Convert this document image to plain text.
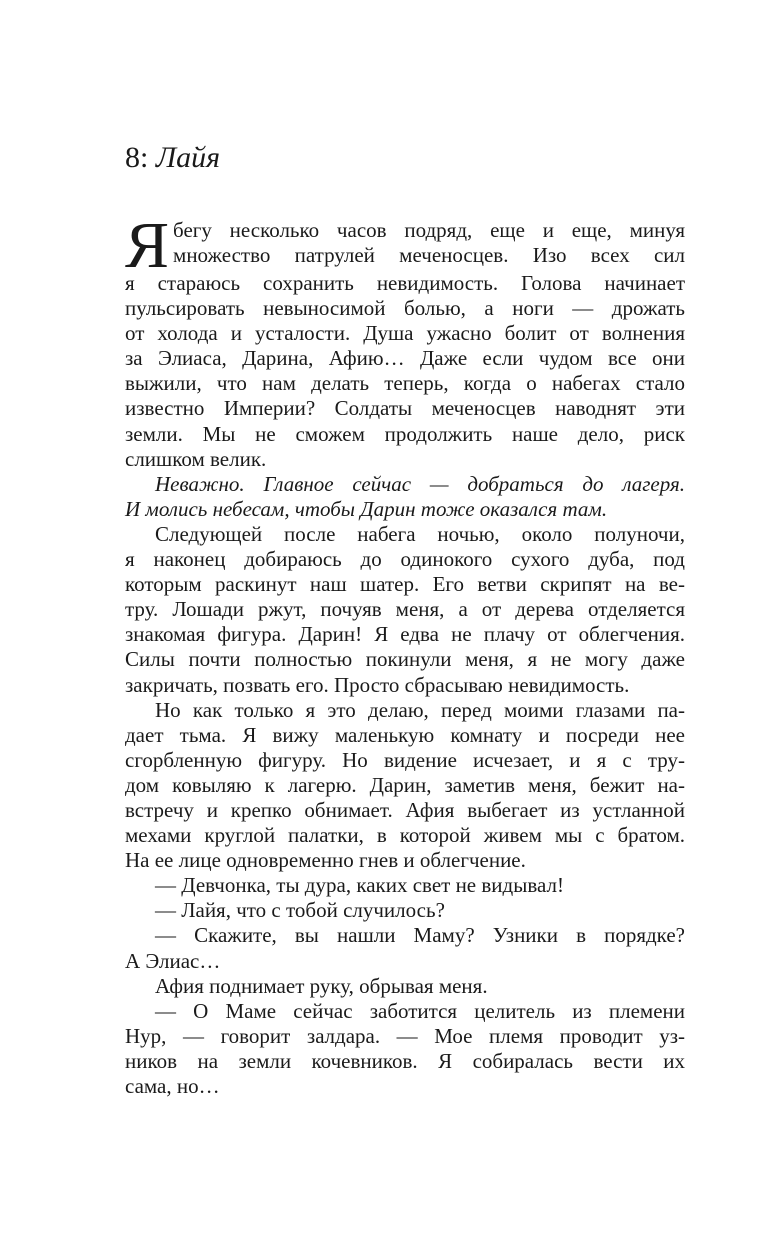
8: Лайя
Я бегу несколько часов подряд, еще и еще, минуя
множество патрулей меченосцев. Изо всех сил
я стараюсь сохранить невидимость. Голова начинает
пульсировать невыносимой болью, а ноги — дрожать
от холода и усталости. Душа ужасно болит от волнения
за Элиаса, Дарина, Афию… Даже если чудом все они
выжили, что нам делать теперь, когда о набегах стало
известно Империи? Солдаты меченосцев наводнят эти
земли. Мы не сможем продолжить наше дело, риск
слишком велик.
Неважно. Главное сейчас — добраться до лагеря.
И молись небесам, чтобы Дарин тоже оказался там.
Следующей после набега ночью, около полуночи,
я наконец добираюсь до одинокого сухого дуба, под
которым раскинут наш шатер. Его ветви скрипят на ве-
тру. Лошади ржут, почуяв меня, а от дерева отделяется
знакомая фигура. Дарин! Я едва не плачу от облегчения.
Силы почти полностью покинули меня, я не могу даже
закричать, позвать его. Просто сбрасываю невидимость.
Но как только я это делаю, перед моими глазами па-
дает тьма. Я вижу маленькую комнату и посреди нее
сгорбленную фигуру. Но видение исчезает, и я с тру-
дом ковыляю к лагерю. Дарин, заметив меня, бежит на-
встречу и крепко обнимает. Афия выбегает из устланной
мехами круглой палатки, в которой живем мы с братом.
На ее лице одновременно гнев и облегчение.
— Девчонка, ты дура, каких свет не видывал!
— Лайя, что с тобой случилось?
— Скажите, вы нашли Маму? Узники в порядке?
А Элиас…
Афия поднимает руку, обрывая меня.
— О Маме сейчас заботится целитель из племени
Нур, — говорит зaлдара. — Мое племя проводит уз-
ников на земли кочевников. Я собиралась вести их
сама, но…
